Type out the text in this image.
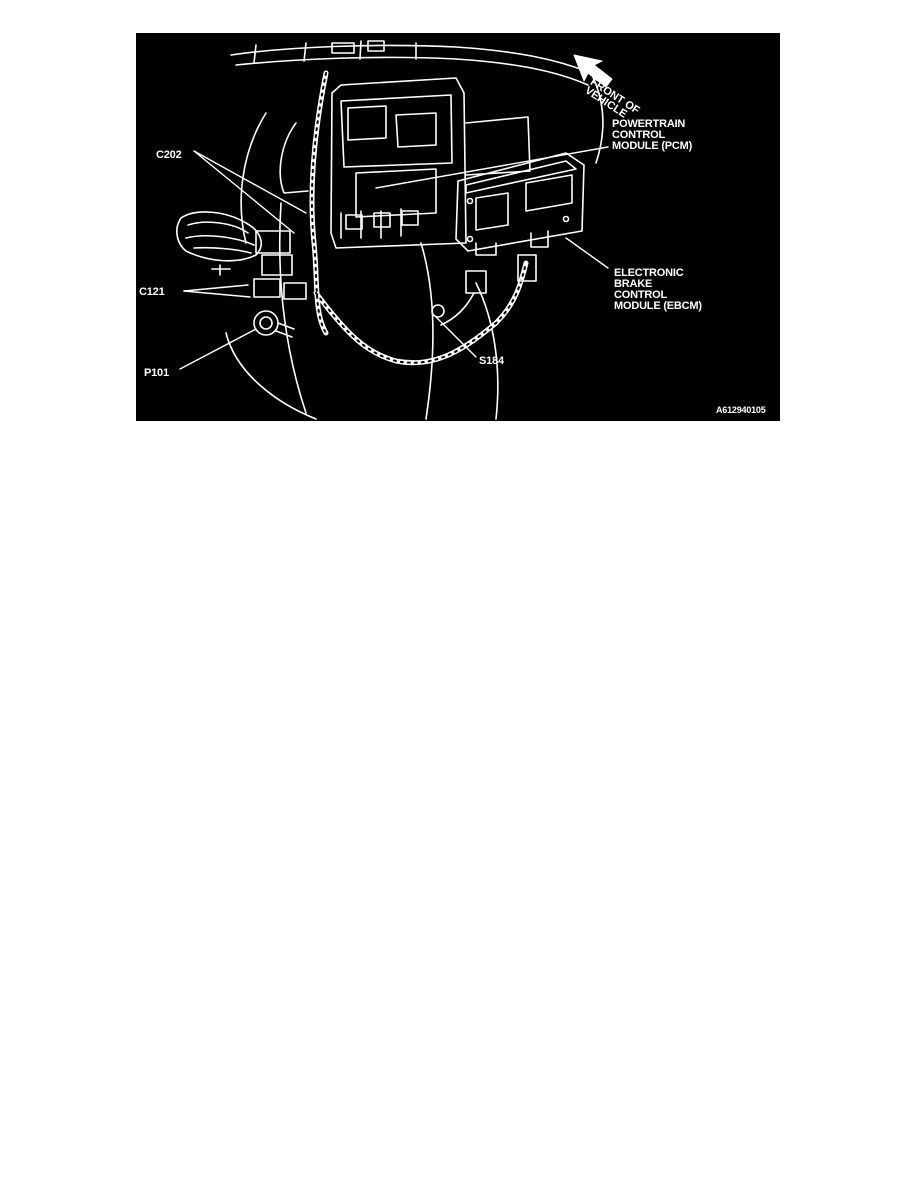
FRONT OF
VEHICLE
POWERTRAIN
CONTROL
MODULE (PCM)
ELECTRONIC
BRAKE
CONTROL
MODULE (EBCM)
C202
C121
P101
S184
A612940105
